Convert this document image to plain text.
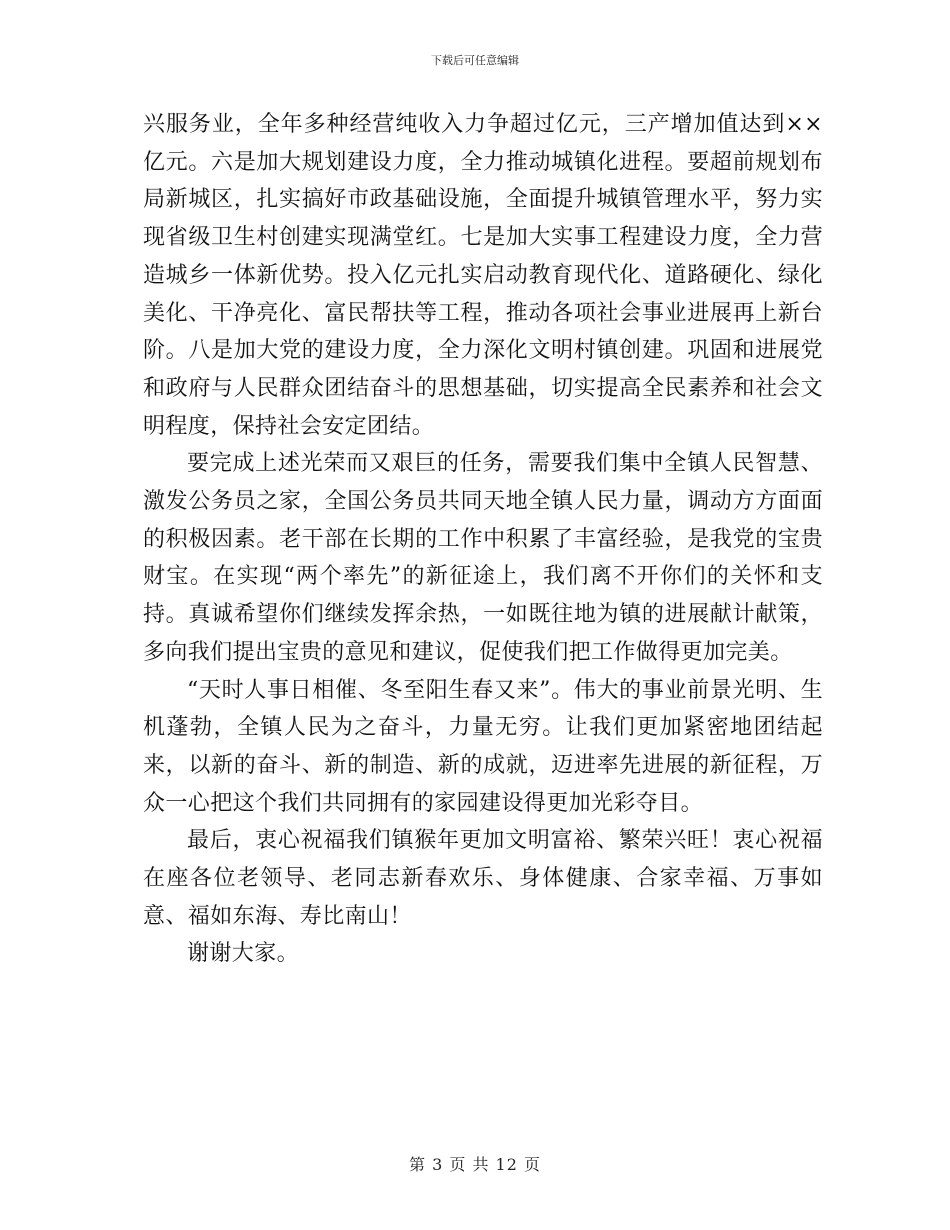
下载后可任意编辑

兴服务业，全年多种经营纯收入力争超过亿元，三产增加值达到××亿元。六是加大规划建设力度，全力推动城镇化进程。要超前规划布局新城区，扎实搞好市政基础设施，全面提升城镇管理水平，努力实现省级卫生村创建实现满堂红。七是加大实事工程建设力度，全力营造城乡一体新优势。投入亿元扎实启动教育现代化、道路硬化、绿化美化、干净亮化、富民帮扶等工程，推动各项社会事业进展再上新台阶。八是加大党的建设力度，全力深化文明村镇创建。巩固和进展党和政府与人民群众团结奋斗的思想基础，切实提高全民素养和社会文明程度，保持社会安定团结。

要完成上述光荣而又艰巨的任务，需要我们集中全镇人民智慧、激发公务员之家，全国公务员共同天地全镇人民力量，调动方方面面的积极因素。老干部在长期的工作中积累了丰富经验，是我党的宝贵财宝。在实现“两个率先”的新征途上，我们离不开你们的关怀和支持。真诚希望你们继续发挥余热，一如既往地为镇的进展献计献策，多向我们提出宝贵的意见和建议，促使我们把工作做得更加完美。

“天时人事日相催、冬至阳生春又来”。伟大的事业前景光明、生机蓬勃，全镇人民为之奋斗，力量无穷。让我们更加紧密地团结起来，以新的奋斗、新的制造、新的成就，迈进率先进展的新征程，万众一心把这个我们共同拥有的家园建设得更加光彩夺目。

最后，衷心祝福我们镇猴年更加文明富裕、繁荣兴旺！衷心祝福在座各位老领导、老同志新春欢乐、身体健康、合家幸福、万事如意、福如东海、寿比南山！

谢谢大家。

第 3 页 共 12 页
